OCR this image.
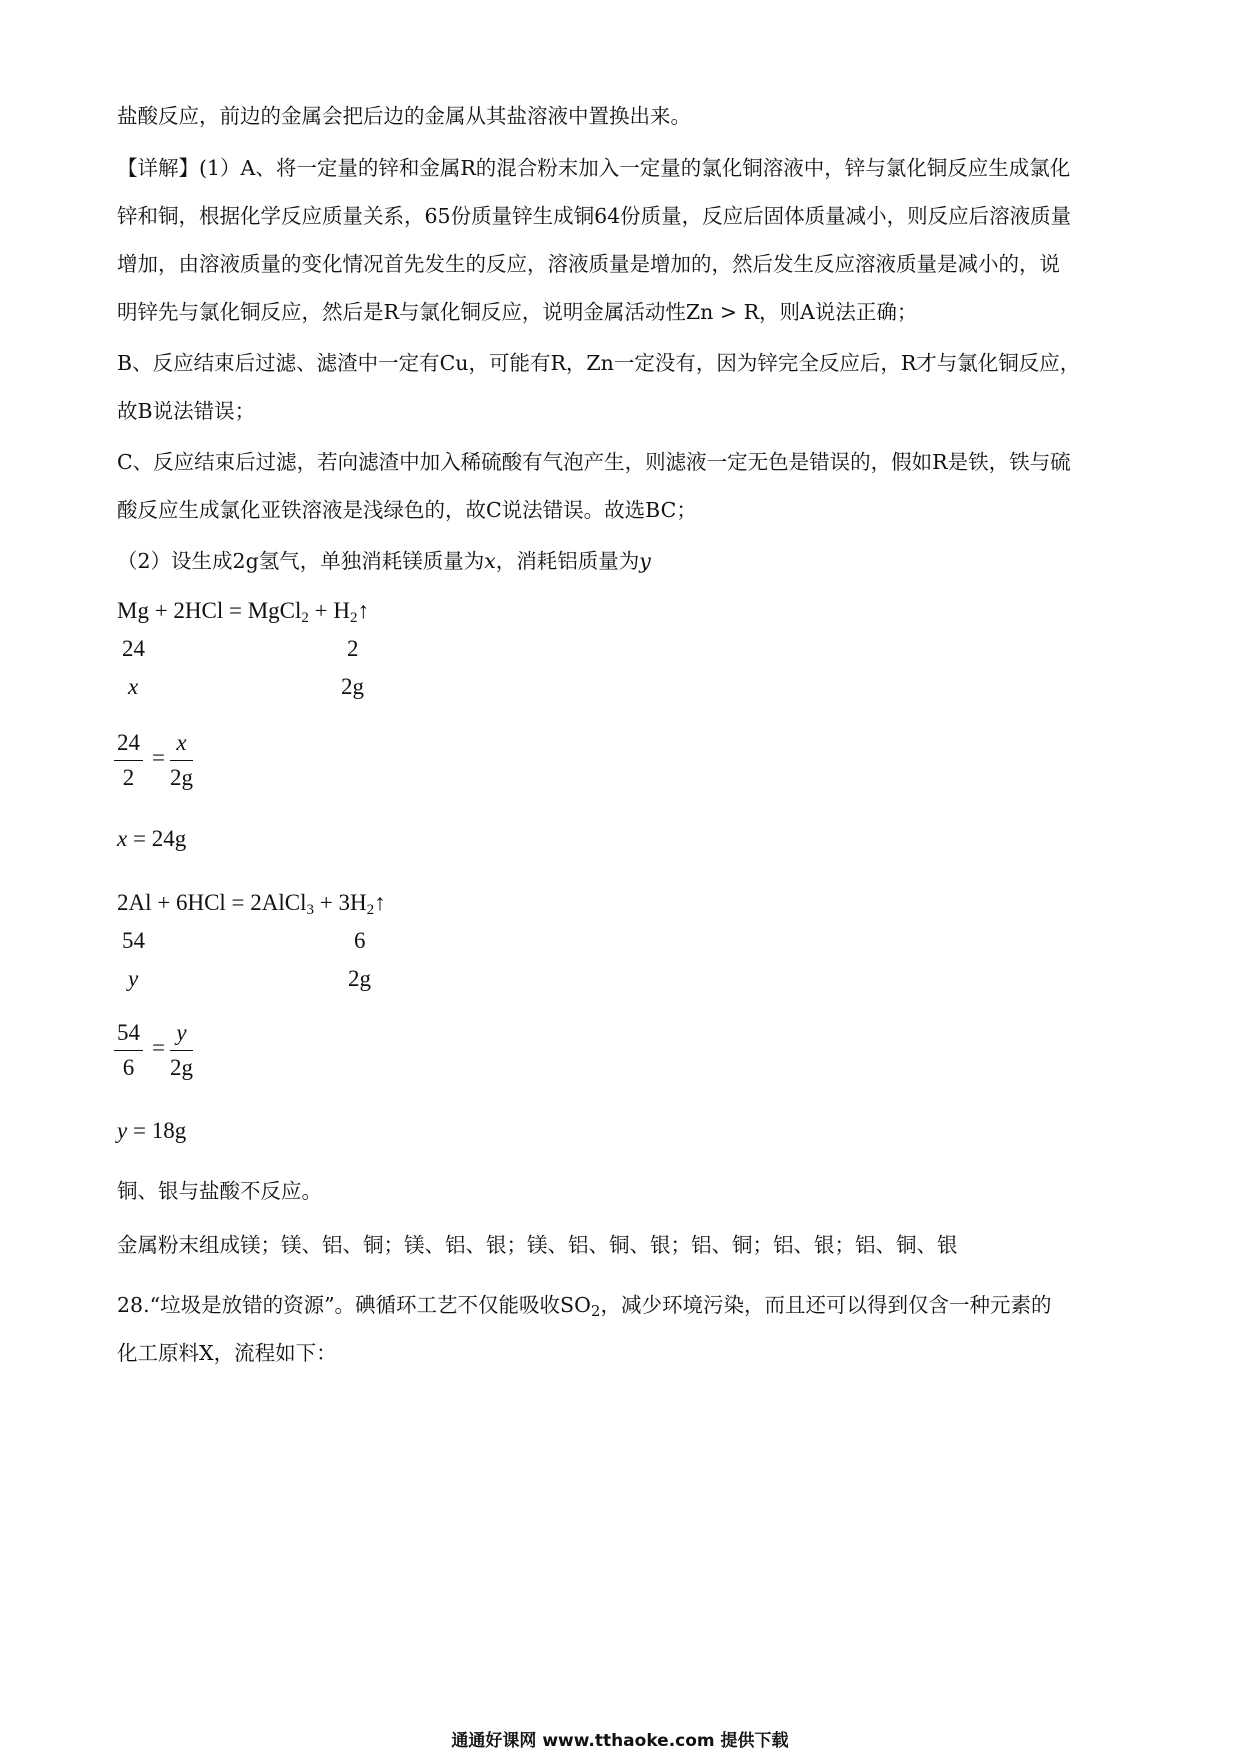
盐酸反应，前边的金属会把后边的金属从其盐溶液中置换出来。
【详解】(1）A、将一定量的锌和金属R的混合粉末加入一定量的氯化铜溶液中，锌与氯化铜反应生成氯化
锌和铜，根据化学反应质量关系，65份质量锌生成铜64份质量，反应后固体质量减小，则反应后溶液质量
增加，由溶液质量的变化情况首先发生的反应，溶液质量是增加的，然后发生反应溶液质量是减小的，说
明锌先与氯化铜反应，然后是R与氯化铜反应，说明金属活动性Zn > R，则A说法正确；
B、反应结束后过滤、滤渣中一定有Cu，可能有R，Zn一定没有，因为锌完全反应后，R才与氯化铜反应，
故B说法错误；
C、反应结束后过滤，若向滤渣中加入稀硫酸有气泡产生，则滤液一定无色是错误的，假如R是铁，铁与硫
酸反应生成氯化亚铁溶液是浅绿色的，故C说法错误。故选BC；
（2）设生成2g氢气，单独消耗镁质量为x，消耗铝质量为y
Mg + 2HCl = MgCl$_2$ + $H_2↑$
24	2
x	2g
$\frac{24}{2} = \frac{x}{2g}$
x = 24g
2Al + 6HCl = 2AlCl$_3$ + $3H_2↑$
54	6
y	2g
$\frac{54}{6} = \frac{y}{2g}$
y = 18g
铜、银与盐酸不反应。
金属粉末组成镁；镁、铝、铜；镁、铝、银；镁、铝、铜、银；铝、铜；铝、银；铝、铜、银
28.“垃圾是放错的资源”。碘循环工艺不仅能吸收$SO_2$，减少环境污染，而且还可以得到仅含一种元素的
化工原料X，流程如下：
通通好课网 www.tthaoke.com 提供下载
